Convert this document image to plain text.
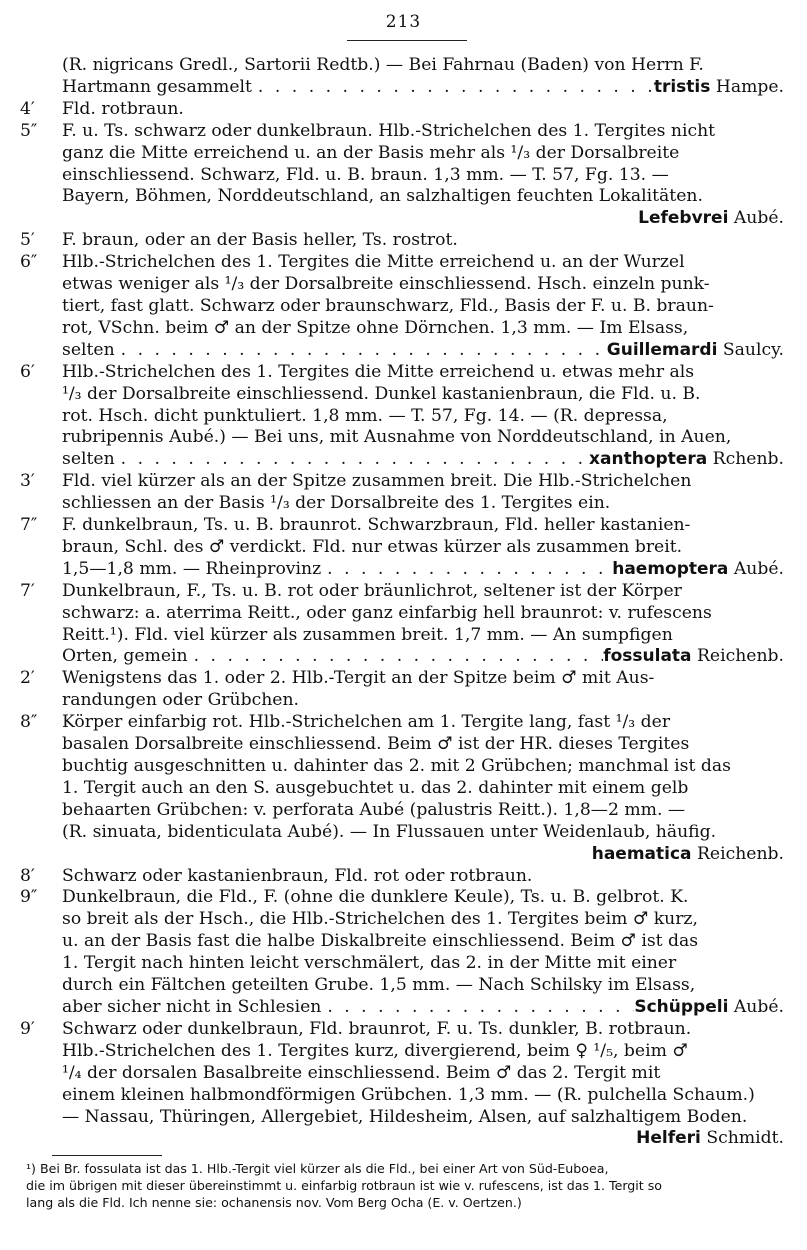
213
(R. nigricans Gredl., Sartorii Redtb.) — Bei Fahrnau (Baden) von Herrn F.
Hartmann gesammelt . . .	tristis Hampe.
4′	Fld. rotbraun.
5″	F. u. Ts. schwarz oder dunkelbraun. Hlb.-Strichelchen des 1. Tergites nicht
ganz die Mitte erreichend u. an der Basis mehr als ¹/₃ der Dorsalbreite
einschliessend. Schwarz, Fld. u. B. braun. 1,3 mm. — T. 57, Fg. 13. —
Bayern, Böhmen, Norddeutschland, an salzhaltigen feuchten Lokalitäten.
Lefebvrei Aubé.
5′	F. braun, oder an der Basis heller, Ts. rostrot.
6″	Hlb.-Strichelchen des 1. Tergites die Mitte erreichend u. an der Wurzel
etwas weniger als ¹/₃ der Dorsalbreite einschliessend. Hsch. einzeln punk-
tiert, fast glatt. Schwarz oder braunschwarz, Fld., Basis der F. u. B. braun-
rot, VSchn. beim ♂ an der Spitze ohne Dörnchen. 1,3 mm. — Im Elsass,
selten . . .	Guillemardi Saulcy.
6′	Hlb.-Strichelchen des 1. Tergites die Mitte erreichend u. etwas mehr als
¹/₃ der Dorsalbreite einschliessend. Dunkel kastanienbraun, die Fld. u. B.
rot. Hsch. dicht punktuliert. 1,8 mm. — T. 57, Fg. 14. — (R. depressa,
rubripennis Aubé.) — Bei uns, mit Ausnahme von Norddeutschland, in Auen,
selten . . .	xanthoptera Rchenb.
3′	Fld. viel kürzer als an der Spitze zusammen breit. Die Hlb.-Strichelchen
schliessen an der Basis ¹/₃ der Dorsalbreite des 1. Tergites ein.
7″	F. dunkelbraun, Ts. u. B. braunrot. Schwarzbraun, Fld. heller kastanien-
braun, Schl. des ♂ verdickt. Fld. nur etwas kürzer als zusammen breit.
1,5—1,8 mm. — Rheinprovinz . . .	haemoptera Aubé.
7′	Dunkelbraun, F., Ts. u. B. rot oder bräunlichrot, seltener ist der Körper
schwarz: a. aterrima Reitt., oder ganz einfarbig hell braunrot: v. rufescens
Reitt.¹). Fld. viel kürzer als zusammen breit. 1,7 mm. — An sumpfigen
Orten, gemein . . .	fossulata Reichenb.
2′	Wenigstens das 1. oder 2. Hlb.-Tergit an der Spitze beim ♂ mit Aus-
randungen oder Grübchen.
8″	Körper einfarbig rot. Hlb.-Strichelchen am 1. Tergite lang, fast ¹/₃ der
basalen Dorsalbreite einschliessend. Beim ♂ ist der HR. dieses Tergites
buchtig ausgeschnitten u. dahinter das 2. mit 2 Grübchen; manchmal ist das
1. Tergit auch an den S. ausgebuchtet u. das 2. dahinter mit einem gelb
behaarten Grübchen: v. perforata Aubé (palustris Reitt.). 1,8—2 mm. —
(R. sinuata, bidenticulata Aubé). — In Flussauen unter Weidenlaub, häufig.
haematica Reichenb.
8′	Schwarz oder kastanienbraun, Fld. rot oder rotbraun.
9″	Dunkelbraun, die Fld., F. (ohne die dunklere Keule), Ts. u. B. gelbrot. K.
so breit als der Hsch., die Hlb.-Strichelchen des 1. Tergites beim ♂ kurz,
u. an der Basis fast die halbe Diskalbreite einschliessend. Beim ♂ ist das
1. Tergit nach hinten leicht verschmälert, das 2. in der Mitte mit einer
durch ein Fältchen geteilten Grube. 1,5 mm. — Nach Schilsky im Elsass,
aber sicher nicht in Schlesien . . .	Schüppeli Aubé.
9′	Schwarz oder dunkelbraun, Fld. braunrot, F. u. Ts. dunkler, B. rotbraun.
Hlb.-Strichelchen des 1. Tergites kurz, divergierend, beim ♀ ¹/₅, beim ♂
¹/₄ der dorsalen Basalbreite einschliessend. Beim ♂ das 2. Tergit mit
einem kleinen halbmondförmigen Grübchen. 1,3 mm. — (R. pulchella Schaum.)
— Nassau, Thüringen, Allergebiet, Hildesheim, Alsen, auf salzhaltigem Boden.
Helferi Schmidt.
¹) Bei Br. fossulata ist das 1. Hlb.-Tergit viel kürzer als die Fld., bei einer Art von Süd-Euboea,
die im übrigen mit dieser übereinstimmt u. einfarbig rotbraun ist wie v. rufescens, ist das 1. Tergit so
lang als die Fld. Ich nenne sie: ochanensis nov. Vom Berg Ocha (E. v. Oertzen.)
